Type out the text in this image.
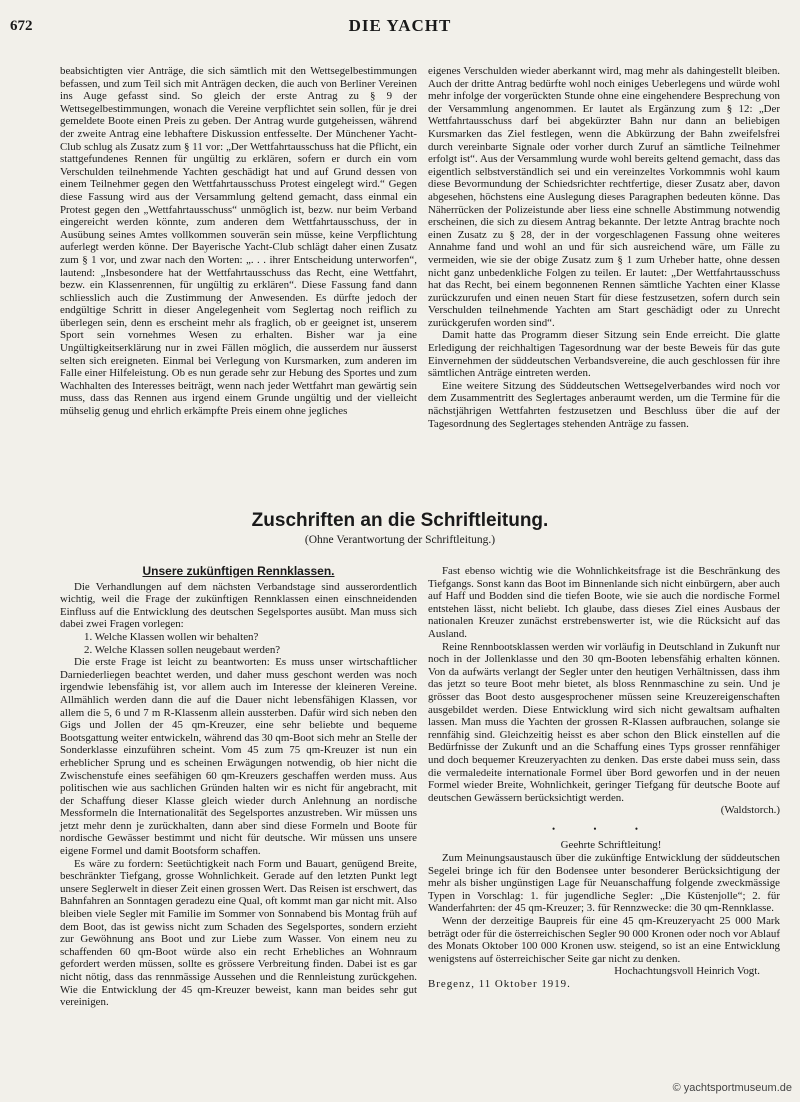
672	DIE YACHT

beabsichtigten vier Anträge, die sich sämtlich mit den Wettsegelbestimmungen befassen, und zum Teil sich mit Anträgen decken, die auch von Berliner Vereinen ins Auge gefasst sind. So gleich der erste Antrag zu § 9 der Wettsegelbestimmungen, wonach die Vereine verpflichtet sein sollen, für je drei gemeldete Boote einen Preis zu geben. Der Antrag wurde gutgeheissen, während der zweite Antrag eine lebhaftere Diskussion entfesselte. Der Münchener Yacht-Club schlug als Zusatz zum § 11 vor: „Der Wettfahrtausschuss hat die Pflicht, ein stattgefundenes Rennen für ungültig zu erklären, sofern er durch ein vom Verschulden teilnehmende Yachten geschädigt hat und auf Grund dessen von einem Teilnehmer gegen den Wettfahrtausschuss Protest eingelegt wird.“ Gegen diese Fassung wird aus der Versammlung geltend gemacht, dass einmal ein Protest gegen den „Wettfahrtausschuss“ unmöglich ist, bezw. nur beim Verband eingereicht werden könnte, zum anderen dem Wettfahrtausschuss, der in Ausübung seines Amtes vollkommen souverän sein müsse, keine Verpflichtung auferlegt werden könne. Der Bayerische Yacht-Club schlägt daher einen Zusatz zum § 1 vor, und zwar nach den Worten: „. . . ihrer Entscheidung unterworfen“, lautend: „Insbesondere hat der Wettfahrtausschuss das Recht, eine Wettfahrt, bezw. ein Klassenrennen, für ungültig zu erklären“. Diese Fassung fand dann schliesslich auch die Zustimmung der Anwesenden. Es dürfte jedoch der endgültige Schritt in dieser Angelegenheit vom Seglertag noch reiflich zu überlegen sein, denn es erscheint mehr als fraglich, ob er geeignet ist, unserem Sport sein vornehmes Wesen zu erhalten. Bisher war ja eine Ungültigkeitserklärung nur in zwei Fällen möglich, die ausserdem nur äusserst selten sich ereigneten. Einmal bei Verlegung von Kursmarken, zum anderen im Falle einer Hilfeleistung. Ob es nun gerade sehr zur Hebung des Sportes und zum Wachhalten des Interesses beiträgt, wenn nach jeder Wettfahrt man gewärtig sein muss, dass das Rennen aus irgend einem Grunde ungültig und der vielleicht mühselig genug und ehrlich erkämpfte Preis einem ohne jegliches

eigenes Verschulden wieder aberkannt wird, mag mehr als dahingestellt bleiben. Auch der dritte Antrag bedürfte wohl noch einiges Ueberlegens und würde wohl mehr infolge der vorgerückten Stunde ohne eine eingehendere Besprechung von der Versammlung angenommen. Er lautet als Ergänzung zum § 12: „Der Wettfahrtausschuss darf bei abgekürzter Bahn nur dann an beliebigen Kursmarken das Ziel festlegen, wenn die Abkürzung der Bahn zweifelsfrei durch vereinbarte Signale oder vorher durch Zuruf an sämtliche Teilnehmer erfolgt ist“. Aus der Versammlung wurde wohl bereits geltend gemacht, dass das eigentlich selbstverständlich sei und ein vereinzeltes Vorkommnis wohl kaum diese Bevormundung der Schiedsrichter rechtfertige, dieser Zusatz aber, davon abgesehen, höchstens eine Auslegung dieses Paragraphen bedeuten könne. Das Näherrücken der Polizeistunde aber liess eine schnelle Abstimmung notwendig erscheinen, die sich zu diesem Antrag bekannte. Der letzte Antrag brachte noch einen Zusatz zu § 28, der in der vorgeschlagenen Fassung ohne weiteres Annahme fand und wohl an und für sich ausreichend wäre, um Fälle zu vermeiden, wie sie der obige Zusatz zum § 1 zum Urheber hatte, ohne dessen nicht ganz unbedenkliche Folgen zu teilen. Er lautet: „Der Wettfahrtausschuss hat das Recht, bei einem begonnenen Rennen sämtliche Yachten einer Klasse zurückzurufen und einen neuen Start für diese festzusetzen, sofern durch sein Verschulden teilnehmende Yachten am Start geschädigt oder zu Unrecht zurückgerufen worden sind“.

Damit hatte das Programm dieser Sitzung sein Ende erreicht. Die glatte Erledigung der reichhaltigen Tagesordnung war der beste Beweis für das gute Einvernehmen der süddeutschen Verbandsvereine, die auch geschlossen für ihre sämtlichen Anträge eintreten werden.

Eine weitere Sitzung des Süddeutschen Wettsegelverbandes wird noch vor dem Zusammentritt des Seglertages anberaumt werden, um die Termine für die nächstjährigen Wettfahrten festzusetzen und Beschluss über die auf der Tagesordnung des Seglertages stehenden Anträge zu fassen.

Zuschriften an die Schriftleitung.
(Ohne Verantwortung der Schriftleitung.)
Unsere zukünftigen Rennklassen.

Die Verhandlungen auf dem nächsten Verbandstage sind ausserordentlich wichtig, weil die Frage der zukünftigen Rennklassen einen einschneidenden Einfluss auf die Entwicklung des deutschen Segelsportes ausübt. Man muss sich dabei zwei Fragen vorlegen:

1. Welche Klassen wollen wir behalten?

2. Welche Klassen sollen neugebaut werden?

Die erste Frage ist leicht zu beantworten: Es muss unser wirtschaftlicher Darniederliegen beachtet werden, und daher muss geschont werden was noch irgendwie lebensfähig ist, vor allem auch im Interesse der kleineren Vereine. Allmählich werden dann die auf die Dauer nicht lebensfähigen Klassen, vor allem die 5, 6 und 7 m R-Klassenm allein aussterben. Dafür wird sich neben den Gigs und Jollen der 45 qm-Kreuzer, eine sehr beliebte und bequeme Bootsgattung weiter entwickeln, während das 30 qm-Boot sich mehr an Stelle der Sonderklasse einzuführen scheint. Vom 45 zum 75 qm-Kreuzer ist nun ein erheblicher Sprung und es scheinen Erwägungen notwendig, ob hier nicht die Zwischenstufe eines seefähigen 60 qm-Kreuzers geschaffen werden muss. Aus politischen wie aus sachlichen Gründen halten wir es nicht für angebracht, mit der Schaffung dieser Klasse gleich wieder durch Anlehnung an nordische Messformeln die Internationalität des Segelsportes anzustreben. Wir müssen uns jetzt mehr denn je zurückhalten, dann aber sind diese Formeln und Boote für nordische Gewässer bestimmt und nicht für deutsche. Wir müssen uns unsere eigene Formel und damit Bootsform schaffen.

Es wäre zu fordern: Seetüchtigkeit nach Form und Bauart, genügend Breite, beschränkter Tiefgang, grosse Wohnlichkeit. Gerade auf den letzten Punkt legt unsere Seglerwelt in dieser Zeit einen grossen Wert. Das Reisen ist erschwert, das Bahnfahren an Sonntagen geradezu eine Qual, oft kommt man gar nicht mit. Also bleiben viele Segler mit Familie im Sommer von Sonnabend bis Montag früh auf dem Boot, das ist gewiss nicht zum Schaden des Segelsportes, sondern erzieht zur Gewöhnung ans Boot und zur Liebe zum Wasser. Von einem neu zu schaffenden 60 qm-Boot würde also ein recht Erhebliches an Wohnraum gefordert werden müssen, sollte es grössere Verbreitung finden. Dabei ist es gar nicht nötig, dass das rennmässige Aussehen und die Rennleistung zurückgehen. Wie die Entwicklung der 45 qm-Kreuzer beweist, kann man beides sehr gut vereinigen.

Fast ebenso wichtig wie die Wohnlichkeitsfrage ist die Beschränkung des Tiefgangs. Sonst kann das Boot im Binnenlande sich nicht einbürgern, aber auch auf Haff und Bodden sind die tiefen Boote, wie sie auch die nordische Formel entstehen lässt, nicht beliebt. Ich glaube, dass dieses Ziel eines Ausbaus der nationalen Kreuzer zunächst erstrebenswerter ist, wie die Rücksicht auf das Ausland.

Reine Rennbootsklassen werden wir vorläufig in Deutschland in Zukunft nur noch in der Jollenklasse und den 30 qm-Booten lebensfähig erhalten können. Von da aufwärts verlangt der Segler unter den heutigen Verhältnissen, dass ihm das jetzt so teure Boot mehr bietet, als bloss Rennmaschine zu sein. Und je grösser das Boot desto ausgesprochener müssen seine Kreuzereigenschaften ausgebildet werden. Diese Entwicklung wird sich nicht gewaltsam aufhalten lassen. Man muss die Yachten der grossen R-Klassen aufbrauchen, solange sie rennfähig sind. Gleichzeitig heisst es aber schon den Blick einstellen auf die Bedürfnisse der Zukunft und an die Schaffung eines Typs grosser rennfähiger und doch bequemer Kreuzeryachten zu denken. Das erste dabei muss sein, dass die vermaledeite internationale Formel über Bord geworfen und in der neuen Formel wieder Breite, Wohnlichkeit, geringer Tiefgang für deutsche Boote auf deutschen Gewässern berücksichtigt werden.

(Waldstorch.)

• • •

Geehrte Schriftleitung!

Zum Meinungsaustausch über die zukünftige Entwicklung der süddeutschen Segelei bringe ich für den Bodensee unter besonderer Berücksichtigung der mehr als bisher ungünstigen Lage für Neuanschaffung folgende zweckmässige Typen in Vorschlag: 1. für jugendliche Segler: „Die Küstenjolle“; 2. für Wanderfahrten: der 45 qm-Kreuzer; 3. für Rennzwecke: die 30 qm-Rennklasse.

Wenn der derzeitige Baupreis für eine 45 qm-Kreuzeryacht 25 000 Mark beträgt oder für die österreichischen Segler 90 000 Kronen oder noch vor Ablauf des Monats Oktober 100 000 Kronen usw. steigend, so ist an eine Entwicklung wenigstens auf österreichischer Seite gar nicht zu denken.

Hochachtungsvoll Heinrich Vogt.

Bregenz, 11 Oktober 1919.

© yachtsportmuseum.de
